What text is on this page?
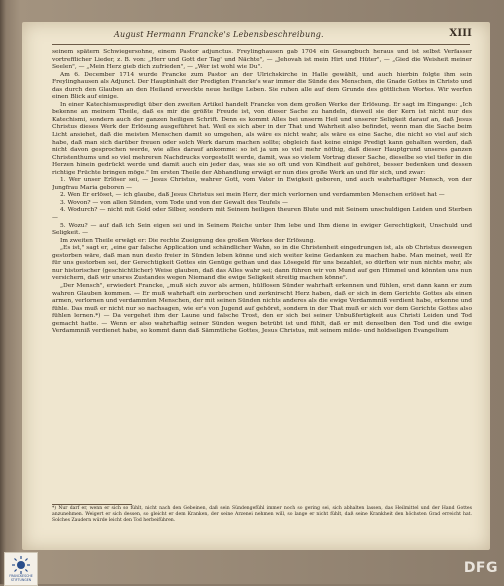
August Hermann Francke's Lebensbeschreibung.	XIII

seinem spätern Schwiegersohne, einem Pastor adjunctus. Freylinghausen gab 1704 ein Gesangbuch heraus und ist selbst Verfasser vortrefflicher Lieder, z. B. von: „Herr und Gott der Tag' und Nächte", — „Jehovah ist mein Hirt und Hüter", — „Gied die Weisheit meiner Seelen", — „Mein Herz gieb dich zufrieden", — „Wer ist wohl wie Du".

Am 6. December 1714 wurde Francke zum Pastor an der Ulrichskirche in Halle gewählt, und auch hierbin folgte ihm sein Freylinghausen als Adjunct. Der Hauptinhalt der Predigten Francke's war immer die Sünde des Menschen, die Gnade Gottes in Christo und das durch den Glauben an den Heiland erweckte neue heilige Leben. Sie ruhen alle auf dem Grunde des göttlichen Wortes. Wir werfen einen Blick auf einige.

In einer Katechismuspredigt über den zweiten Artikel handelt Francke von dem großen Werke der Erlösung. Er sagt im Eingange: „Ich bekenne an meinem Theile, daß es mir die größte Freude ist, von dieser Sache zu handeln, dieweil sie der Kern ist nicht nur des Katechismi, sondern auch der ganzen heiligen Schrift. Denn es kommt Alles bei unserm Heil und unserer Seligkeit darauf an, daß Jesus Christus dieses Werk der Erlösung ausgeführet hat. Weil es sich aber in der That und Wahrheit also befindet, wenn man die Sache beim Licht ansiehet, daß die meisten Menschen damit so umgehen, als wäre es nicht wahr, als wäre es eine Sache, die nicht so viel auf sich habe, daß man sich darüber freuen oder solch Werk darum machen sollte; obgleich fast keine einige Predigt kann gehalten werden, daß nicht davon gesprochen werde, wie alles darauf ankomme: so ist ja um so viel mehr nöthig, daß dieser Hauptgrund unseres ganzen Christenthums und so viel mehreren Nachdrucks vorgestellt werde, damit, was so vielem Vortrag dieser Sache, dieselbe so viel tiefer in die Herzen hinein gedrückt werde und damit auch ein jeder das, was sie so oft und von Kindheit auf gehöret, besser bedenken und dessen richtige Früchte bringen möge." Im ersten Theile der Abhandlung erwägt er nun dies große Werk an und für sich, und zwar:

1. Wer unser Erlöser sei, — Jesus Christus, wahrer Gott, vom Vater in Ewigkeit geboren, und auch wahrhaftiger Mensch, von der Jungfrau Maria geboren —

2. Wen Er erlöset, — ich glaube, daß Jesus Christus sei mein Herr, der mich verlornen und verdammten Menschen erlöset hat —

3. Wovon? — von allen Sünden, vom Tode und von der Gewalt des Teufels —

4. Wodurch? — nicht mit Gold oder Silber, sondern mit Seinem heiligen theuren Blute und mit Seinem unschuldigen Leiden und Sterben —

5. Wozu? — auf daß ich Sein eigen sei und in Seinem Reiche unter Ihm lebe und Ihm diene in ewiger Gerechtigkeit, Unschuld und Seligkeit. —

Im zweiten Theile erwägt er: Die rechte Zueignung des großen Werkes der Erlösung.

„Es ist," sagt er, „eine gar falsche Application und schändlicher Wahn, so in die Christenheit eingedrungen ist, als ob Christus deswegen gestorben wäre, daß man nun desto freier in Sünden leben könne und sich weiter keine Gedanken zu machen habe. Man meinet, weil Er für uns gestorben sei, der Gerechtigkeit Gottes ein Genüge gethan und das Lösegeld für uns bezahlet, so dürften wir nun nichts mehr, als nur historischer (geschichtlicher) Weise glauben, daß das Alles wahr sei; dann führen wir von Mund auf gen Himmel und könnten uns nun versichern, daß wir unsres Zustandes wegen Niemand die ewige Seligkeit streitig machen könne".

„Der Mensch", erwiedert Francke, „muß sich zuvor als armen, hülflosen Sünder wahrhaft erkennen und fühlen, erst dann kann er zum wahren Glauben kommen. — Er muß wahrhaft ein zerbrochen und zerknirscht Herz haben, daß er sich in dem Gerichte Gottes als einen armen, verlornen und verdammten Menschen, der mit seinen Sünden nichts anderes als die ewige Verdammniß verdient habe, erkenne und fühle. Das muß er nicht nur so nachsagen, wie er's von Jugend auf gehöret, sondern in der That muß er sich vor dem Gerichte Gottes also fühlen lernen.*) — Da vergehet ihm der Laune und falsche Trost, den er sich bei seiner Unbußfertigkeit aus Christi Leiden und Tod gemacht hatte. — Wenn er also wahrhaftig seiner Sünden wegen betrübt ist und fühlt, daß er mit denselben den Tod und die ewige Verdammniß verdienet habe, so kommt dann daß Sämmtliche Gottes, Jesus Christus, mit seinem milde- und holdseligen Evangelium

*) Nur darf er, wenn er sich so fühlt, nicht nach den Gebeinen, daß sein Sündengefühl immer noch so gering sei, sich abhalten lassen, das Heilmittel und der Hand Gottes anzunehmen. Weigert er sich dessen, so gleicht er dem Kranken, der seine Arzenei nehmen will, so lange er nicht fühlt, daß seine Krankheit den höchsten Grad erreicht hat. Solches Zaudern würde leicht den Tod herbeiführen.
FRANCKESCHE STIFTUNGEN
DFG
